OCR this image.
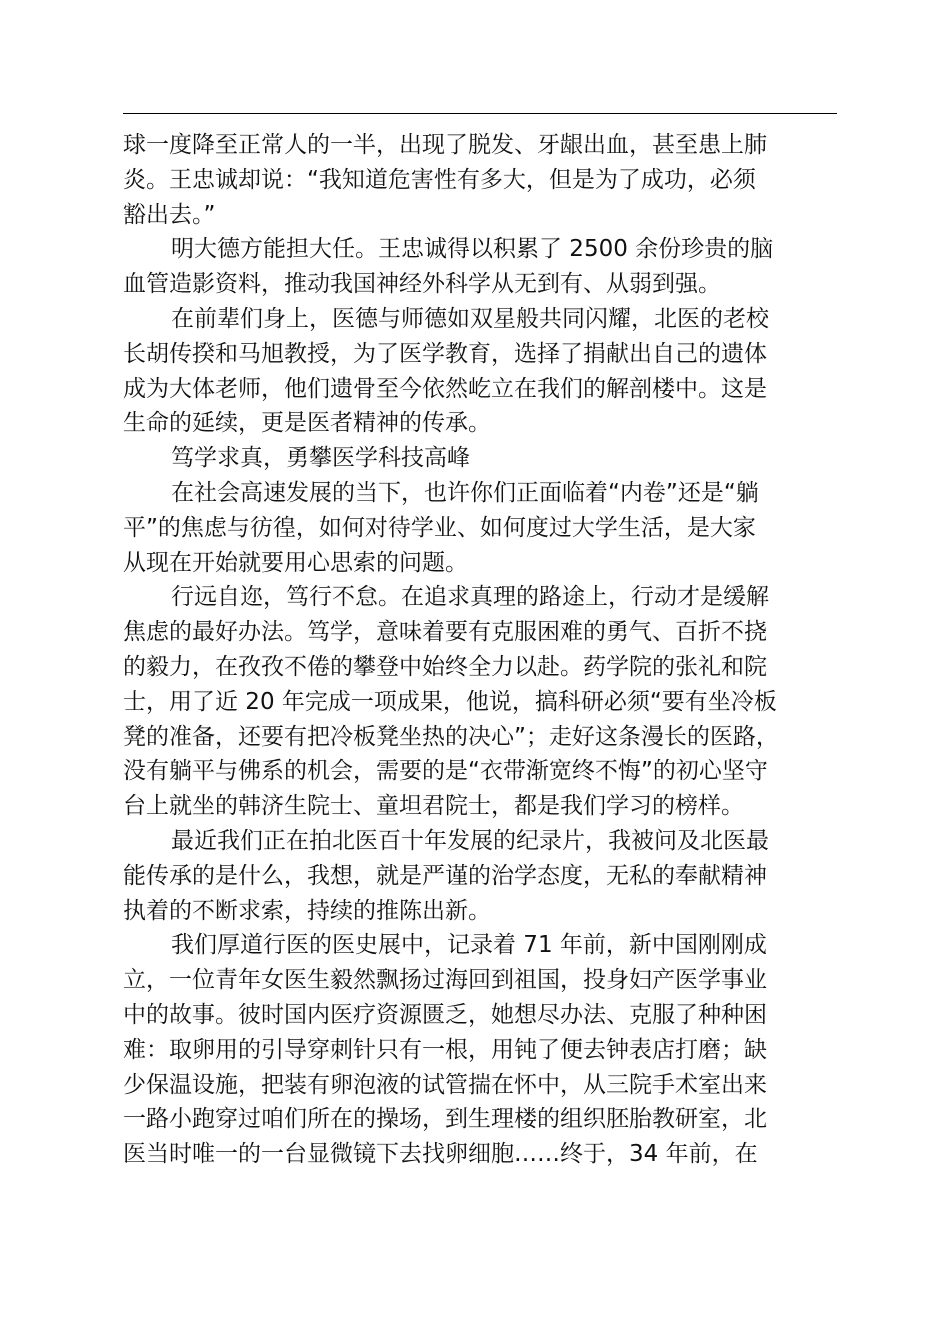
球一度降至正常人的一半，出现了脱发、牙龈出血，甚至患上肺
炎。王忠诚却说：“我知道危害性有多大，但是为了成功，必须
豁出去。”
明大德方能担大任。王忠诚得以积累了 2500 余份珍贵的脑
血管造影资料，推动我国神经外科学从无到有、从弱到强。
在前辈们身上，医德与师德如双星般共同闪耀，北医的老校
长胡传揆和马旭教授，为了医学教育，选择了捐献出自己的遗体
成为大体老师，他们遗骨至今依然屹立在我们的解剖楼中。这是
生命的延续，更是医者精神的传承。
笃学求真，勇攀医学科技高峰
在社会高速发展的当下，也许你们正面临着“内卷”还是“躺
平”的焦虑与彷徨，如何对待学业、如何度过大学生活，是大家
从现在开始就要用心思索的问题。
行远自迩，笃行不怠。在追求真理的路途上，行动才是缓解
焦虑的最好办法。笃学，意味着要有克服困难的勇气、百折不挠
的毅力，在孜孜不倦的攀登中始终全力以赴。药学院的张礼和院
士，用了近 20 年完成一项成果，他说，搞科研必须“要有坐冷板
凳的准备，还要有把冷板凳坐热的决心”；走好这条漫长的医路，
没有躺平与佛系的机会，需要的是“衣带渐宽终不悔”的初心坚守
台上就坐的韩济生院士、童坦君院士，都是我们学习的榜样。
最近我们正在拍北医百十年发展的纪录片，我被问及北医最
能传承的是什么，我想，就是严谨的治学态度，无私的奉献精神
执着的不断求索，持续的推陈出新。
我们厚道行医的医史展中，记录着 71 年前，新中国刚刚成
立，一位青年女医生毅然飘扬过海回到祖国，投身妇产医学事业
中的故事。彼时国内医疗资源匮乏，她想尽办法、克服了种种困
难：取卵用的引导穿刺针只有一根，用钝了便去钟表店打磨；缺
少保温设施，把装有卵泡液的试管揣在怀中，从三院手术室出来
一路小跑穿过咱们所在的操场，到生理楼的组织胚胎教研室，北
医当时唯一的一台显微镜下去找卵细胞……终于，34 年前，在
